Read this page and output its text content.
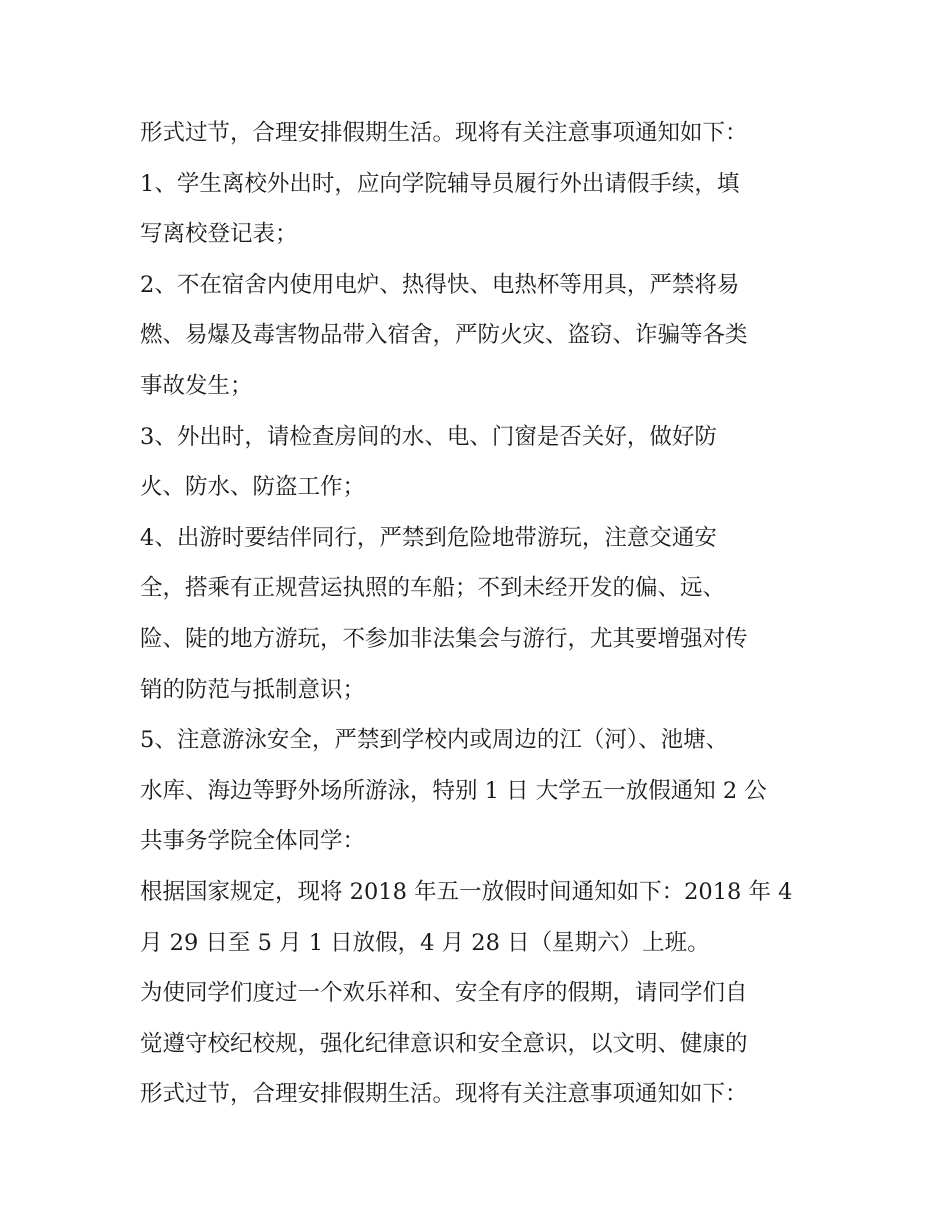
形式过节，合理安排假期生活。现将有关注意事项通知如下：
1、学生离校外出时，应向学院辅导员履行外出请假手续，填
写离校登记表；
2、不在宿舍内使用电炉、热得快、电热杯等用具，严禁将易
燃、易爆及毒害物品带入宿舍，严防火灾、盗窃、诈骗等各类
事故发生；
3、外出时，请检查房间的水、电、门窗是否关好，做好防
火、防水、防盗工作；
4、出游时要结伴同行，严禁到危险地带游玩，注意交通安
全，搭乘有正规营运执照的车船；不到未经开发的偏、远、
险、陡的地方游玩，不参加非法集会与游行，尤其要增强对传
销的防范与抵制意识；
5、注意游泳安全，严禁到学校内或周边的江（河）、池塘、
水库、海边等野外场所游泳，特别 1 日 大学五一放假通知 2 公
共事务学院全体同学：
根据国家规定，现将 2018 年五一放假时间通知如下：2018 年 4
月 29 日至 5 月 1 日放假，4 月 28 日（星期六）上班。
为使同学们度过一个欢乐祥和、安全有序的假期，请同学们自
觉遵守校纪校规，强化纪律意识和安全意识，以文明、健康的
形式过节，合理安排假期生活。现将有关注意事项通知如下：
